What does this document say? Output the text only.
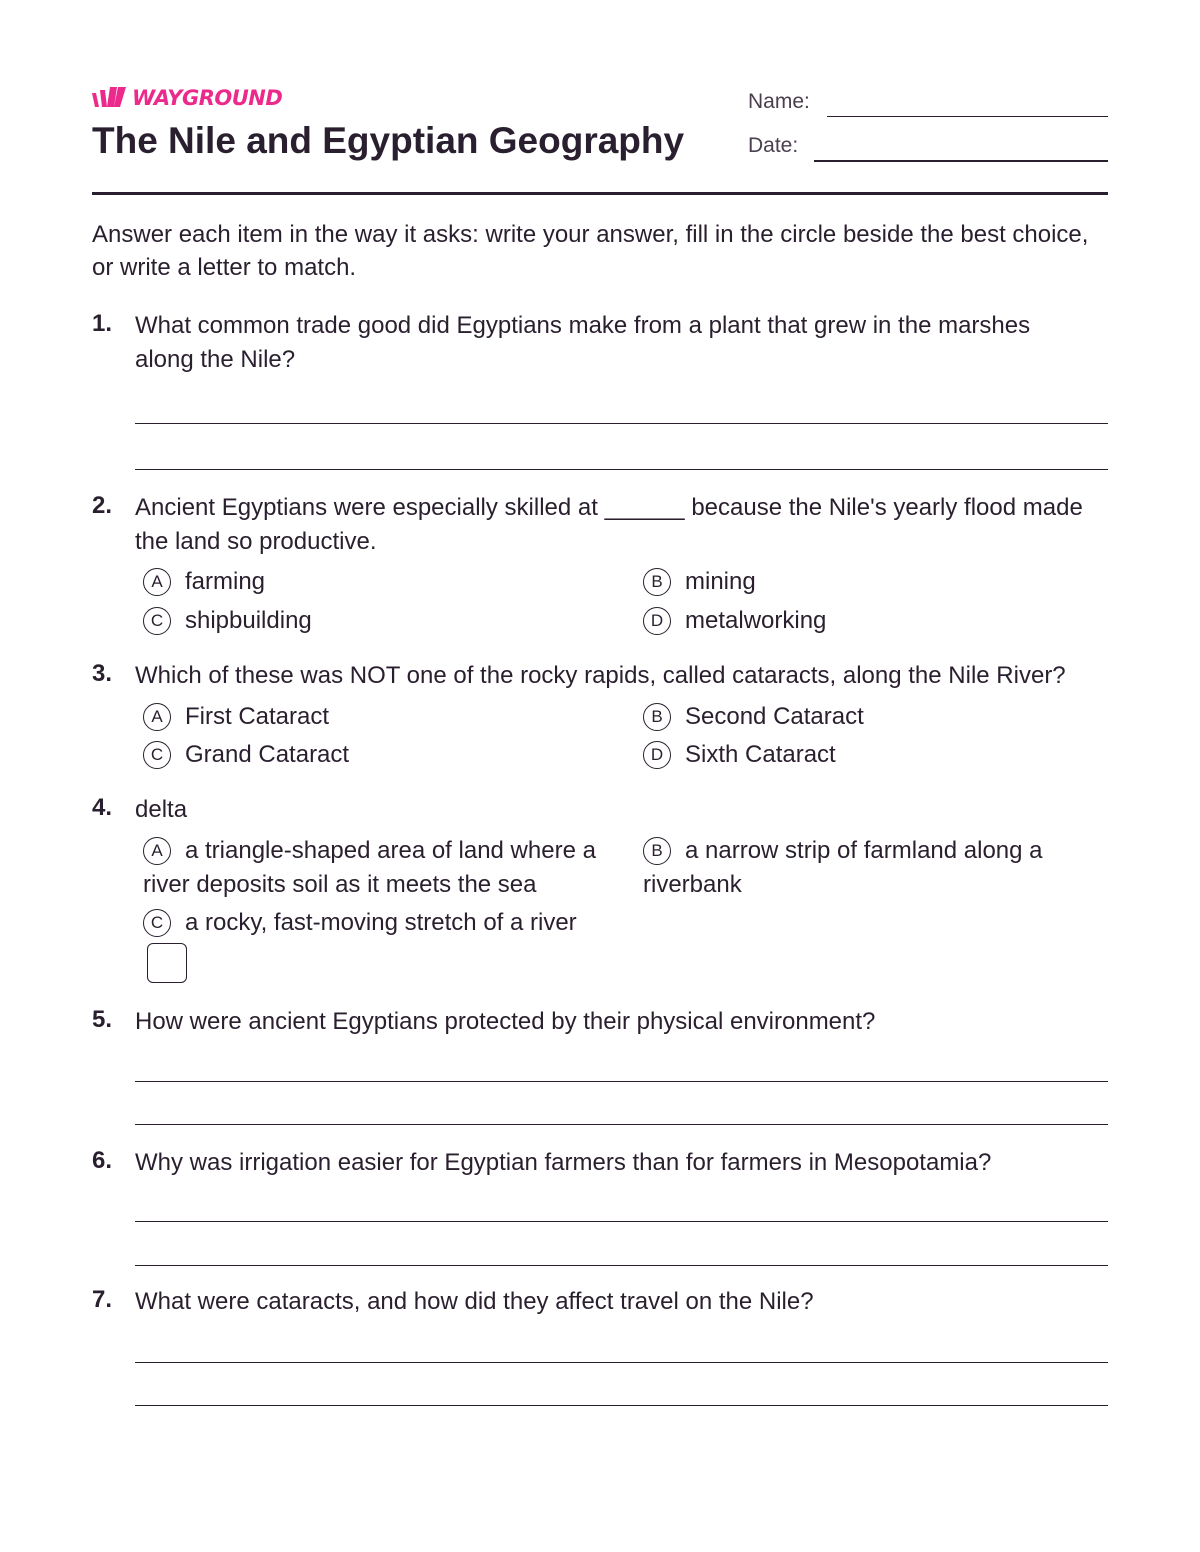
WAYGROUND
The Nile and Egyptian Geography
Name:
Date:
Answer each item in the way it asks: write your answer, fill in the circle beside the best choice, or write a letter to match.
1. What common trade good did Egyptians make from a plant that grew in the marshes along the Nile?
2. Ancient Egyptians were especially skilled at ______ because the Nile's yearly flood made the land so productive.
A farming	B mining
C shipbuilding	D metalworking
3. Which of these was NOT one of the rocky rapids, called cataracts, along the Nile River?
A First Cataract	B Second Cataract
C Grand Cataract	D Sixth Cataract
4. delta
A a triangle-shaped area of land where a river deposits soil as it meets the sea
B a narrow strip of farmland along a riverbank
C a rocky, fast-moving stretch of a river
5. How were ancient Egyptians protected by their physical environment?
6. Why was irrigation easier for Egyptian farmers than for farmers in Mesopotamia?
7. What were cataracts, and how did they affect travel on the Nile?
